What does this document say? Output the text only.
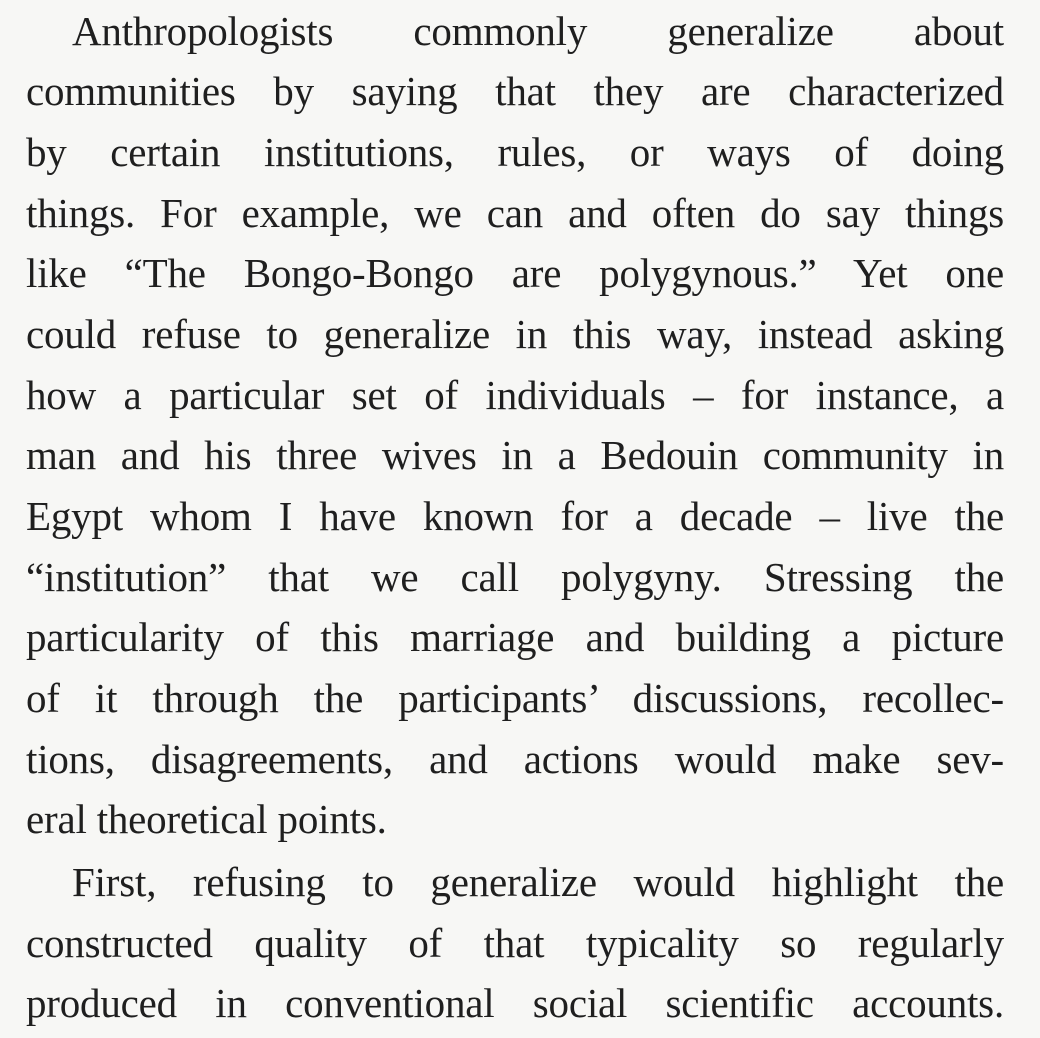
Anthropologists commonly generalize about
communities by saying that they are characterized
by certain institutions, rules, or ways of doing
things. For example, we can and often do say things
like “The Bongo-Bongo are polygynous.” Yet one
could refuse to generalize in this way, instead asking
how a particular set of individuals – for instance, a
man and his three wives in a Bedouin community in
Egypt whom I have known for a decade – live the
“institution” that we call polygyny. Stressing the
particularity of this marriage and building a picture
of it through the participants’ discussions, recollec-
tions, disagreements, and actions would make sev-
eral theoretical points.
First, refusing to generalize would highlight the
constructed quality of that typicality so regularly
produced in conventional social scientific accounts.
